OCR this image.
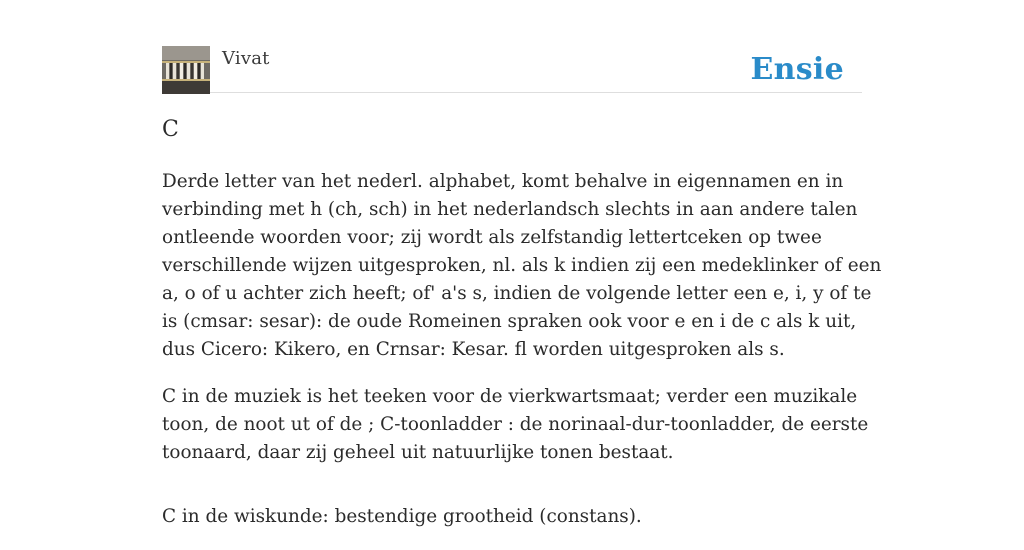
Vivat	Ensie
C

Derde letter van het nederl. alphabet, komt behalve in eigennamen en in verbinding met h (ch, sch) in het nederlandsch slechts in aan andere talen ontleende woorden voor; zij wordt als zelfstandig lettertceken op twee verschillende wijzen uitgesproken, nl. als k indien zij een medeklinker of een a, o of u achter zich heeft; of' a's s, indien de volgende letter een e, i, y of te is (cmsar: sesar): de oude Romeinen spraken ook voor e en i de c als k uit, dus Cicero: Kikero, en Crnsar: Kesar. fl worden uitgesproken als s.

C in de muziek is het teeken voor de vierkwartsmaat; verder een muzikale toon, de noot ut of de ; C-toonladder : de norinaal-dur-toonladder, de eerste toonaard, daar zij geheel uit natuurlijke tonen bestaat.

C in de wiskunde: bestendige grootheid (constans).
